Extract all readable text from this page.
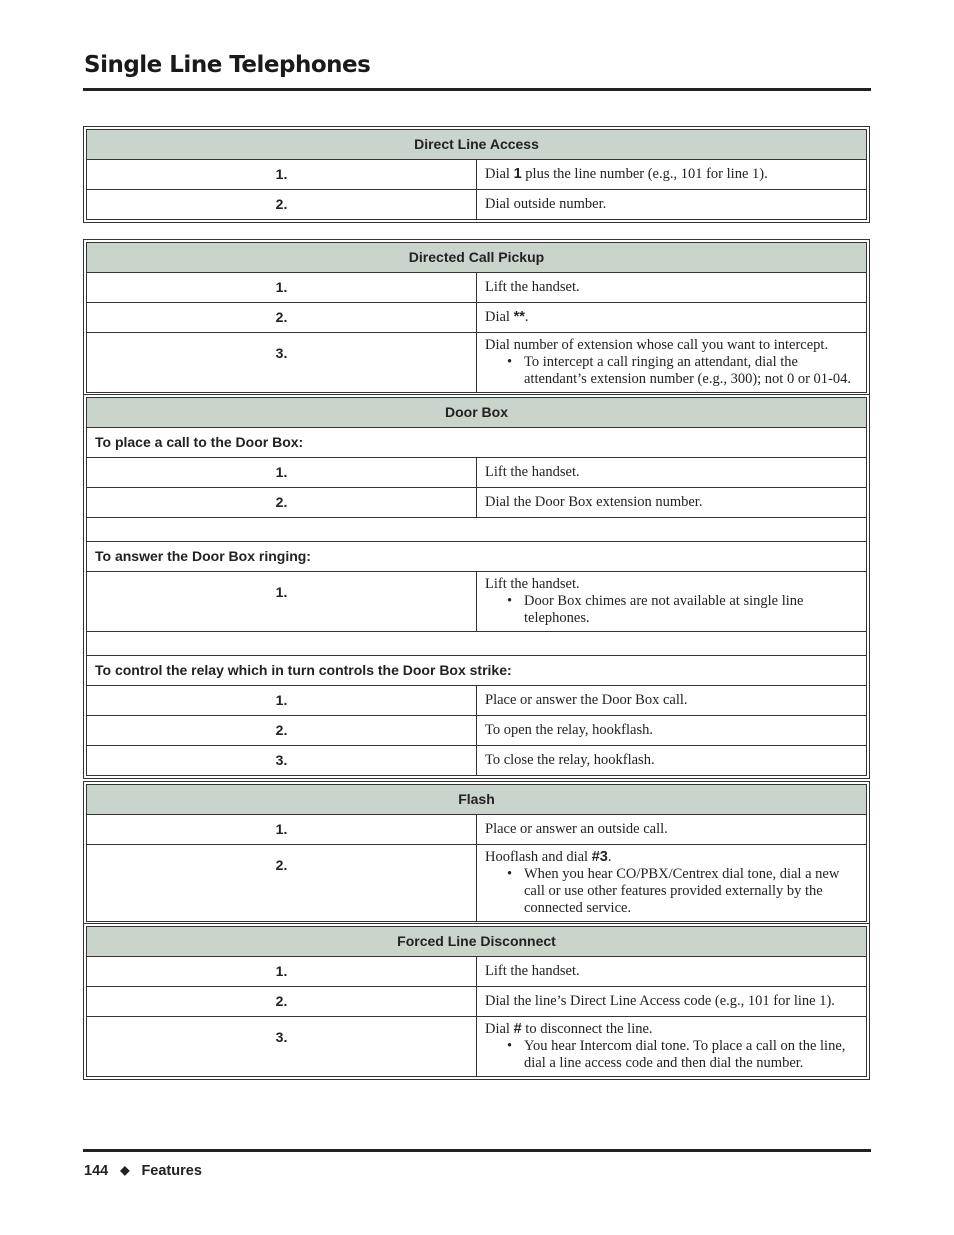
Single Line Telephones
Direct Line Access	
1.	Dial 1 plus the line number (e.g., 101 for line 1).
2.	Dial outside number.
Directed Call Pickup	
1.	Lift the handset.
2.	Dial **.
3.	Dial number of extension whose call you want to intercept.
• To intercept a call ringing an attendant, dial the attendant’s extension number (e.g., 300); not 0 or 01-04.
Door Box	
To place a call to the Door Box:	
1.	Lift the handset.
2.	Dial the Door Box extension number.

To answer the Door Box ringing:	
1.	Lift the handset.
• Door Box chimes are not available at single line telephones.

To control the relay which in turn controls the Door Box strike:	
1.	Place or answer the Door Box call.
2.	To open the relay, hookflash.
3.	To close the relay, hookflash.
Flash	
1.	Place or answer an outside call.
2.	Hooflash and dial #3.
• When you hear CO/PBX/Centrex dial tone, dial a new call or use other features provided externally by the connected service.
Forced Line Disconnect	
1.	Lift the handset.
2.	Dial the line’s Direct Line Access code (e.g., 101 for line 1).
3.	Dial # to disconnect the line.
• You hear Intercom dial tone. To place a call on the line, dial a line access code and then dial the number.
144 ◆ Features
